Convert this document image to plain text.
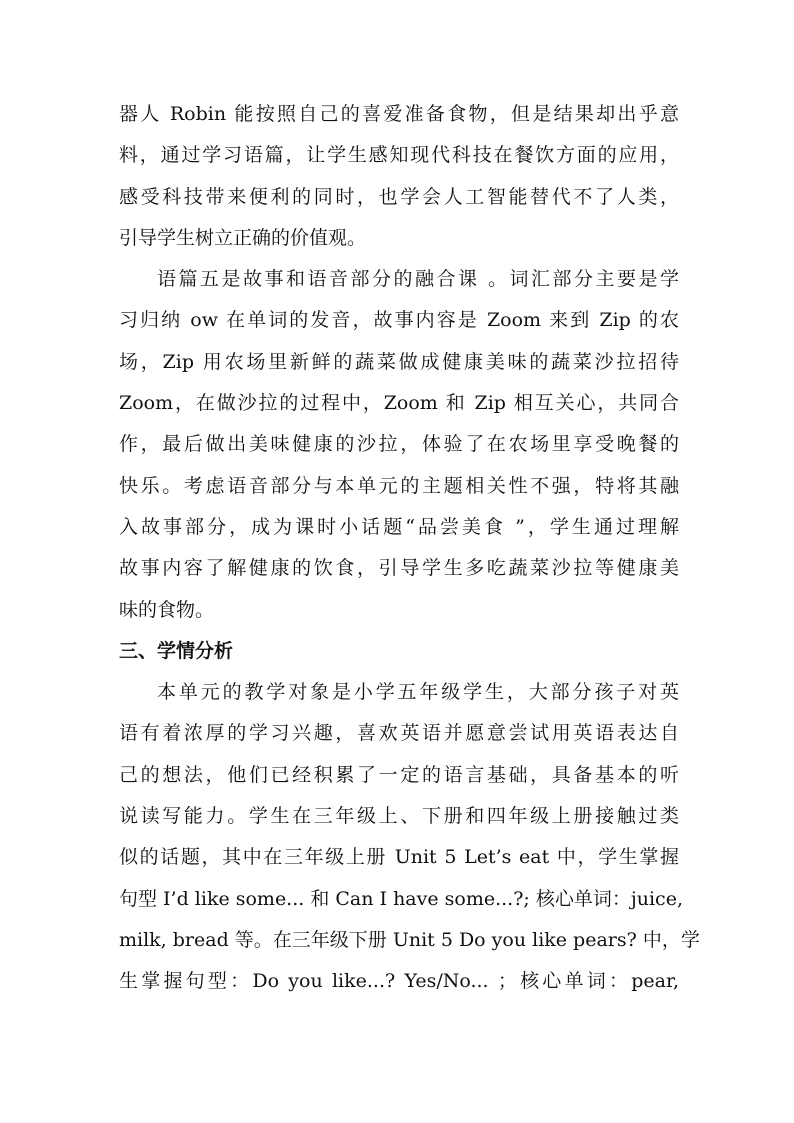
器人 Robin 能按照自己的喜爱准备食物，但是结果却出乎意
料，通过学习语篇，让学生感知现代科技在餐饮方面的应用，
感受科技带来便利的同时，也学会人工智能替代不了人类，
引导学生树立正确的价值观。
语篇五是故事和语音部分的融合课 。词汇部分主要是学
习归纳 ow 在单词的发音，故事内容是 Zoom 来到 Zip 的农
场，Zip 用农场里新鲜的蔬菜做成健康美味的蔬菜沙拉招待
Zoom，在做沙拉的过程中，Zoom 和 Zip 相互关心，共同合
作，最后做出美味健康的沙拉，体验了在农场里享受晚餐的
快乐。考虑语音部分与本单元的主题相关性不强，特将其融
入故事部分，成为课时小话题“品尝美食 ”，学生通过理解
故事内容了解健康的饮食，引导学生多吃蔬菜沙拉等健康美
味的食物。
三、学情分析
本单元的教学对象是小学五年级学生，大部分孩子对英
语有着浓厚的学习兴趣，喜欢英语并愿意尝试用英语表达自
己的想法，他们已经积累了一定的语言基础，具备基本的听
说读写能力。学生在三年级上、下册和四年级上册接触过类
似的话题，其中在三年级上册 Unit 5 Let’s eat 中，学生掌握
句型 I’d like some... 和 Can I have some...?; 核心单词：juice,
milk, bread 等。在三年级下册 Unit 5 Do you like pears? 中，学
生掌握句型：Do you like...? Yes/No... ；核心单词：pear,
